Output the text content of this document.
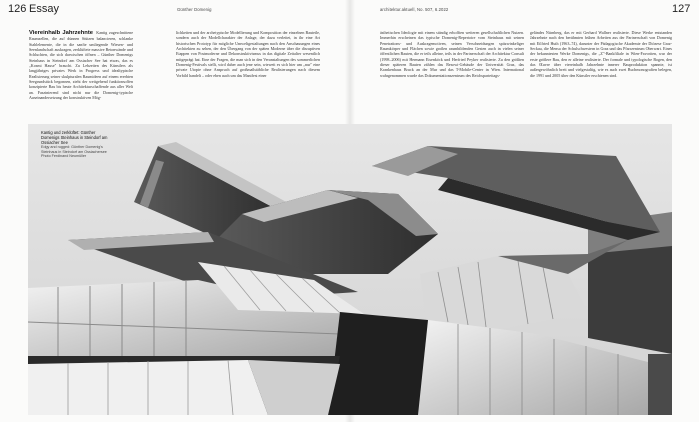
126 Essay	Günther Domenig	architektur.aktuell, No. 507, 6.2022	127

Viereinhalb Jahrzehnte Kantig zugeschnittene Raumzellen, die auf dünnen Stützen balancieren, schlanke Stahlelemente, die in die sanfte umliegende Wiesen- und Seenlandschaft auskragen, zerklüftete massive Betonwände und Schluchten, die sich darwischen öffnen – Günther Domenigs Steinhaus in Steindorf am Ossiacher See hat etwas, das es „Kosmi Hause" braucht. Zu Lebzeiten des Künstlers als langjähriges privates Werk in Progress und idealtypische Realisierung seiner skulpturalen Raumideen auf einem ererbten Seegrundstück begonnen, zieht der weitgehend funktionsoffen konzipierte Bau bis heute Architekturschaffende aus aller Welt an. Faszinierend sind nicht nur die Domenig-typische Auseinandersetzung der konstruktiven Mög-

lichkeiten und der archetypische Modellierung und Komposition der einzelnen Bauteile, sondern auch der Modellcharakter der Anlage, der dazu verleitet, in ihr eine Art historischen Prototyp für mögliche Umweltgestaltungen nach den Anschauungen eines Architekten zu sehen, der den Übergang von der späten Moderne über die disruptiven Etappen von Postmoderne und Dekonstruktivismus in das digitale Zeitalter wesentlich mitgeprägt hat. Eine der Fragen, die man sich in den Veranstaltungen des sommerlichen Domenig-Festivals stellt, wird daher auch jene sein, wieweit es sich hier um „nur" eine private Utopie ohne Anspruch auf großmaßstäbliche Realisierungen nach diesem Vorbild handelt – oder eben auch um das Manifest einer

ästhetischen Ideologie mit einem ständig erhofften weiteren gesellschaftlichen Nutzen. Immerhin erscheinen das typische Domenig-Repertoire vom Steinhaus mit seinen Penetrations- und Auskragemotiven, seinen Verschneidungen spitzwinkeliger Raumkörper und Flächen sowie großen raumbildenden Gesten auch in vielen seiner öffentlichen Bauten, die er teils alleine, teils in der Partnerschaft der Architektur Consult (1998–2006) mit Hermann Eisenköck und Herfried Peyker realisierte. Zu den größten dieser späteren Bauten zählen das Resowi-Gebäude der Universität Graz, das Krankenhaus Bruck an der Mur und das T-Mobile-Center in Wien. International wahrgenommen wurde das Dokumentationszentrum des Reichsparteitags-

geländes Nürnberg, das er mit Gerhard Wallner realisierte. Diese Werke entstanden Jahrzehnte nach den berühmten frühen Arbeiten aus der Partnerschaft von Domenig mit Eilfried Huth (1963–74), darunter der Pädagogische Akademie der Diözese Graz-Seckau, die Mensa der Schulschwestern in Graz und das Pfarrzentrum Oberwart. Eines der bekanntesten Werke Domenigs, die „Z"-Bankfiliale in Wien-Favoriten, war der erste größere Bau, den er alleine realisierte. Der formale und typologische Bogen, den das Œuvre über viereinhalb Jahrzehnte innerer Bauproduktion spannte, ist außergewöhnlich breit und vielgestaltig, wie es auch zwei Buchmonografien belegen, die 1991 und 2005 über den Künstler erschienen sind.

Kantig und zerklüftet: Günther Domenigs Steinhaus in Steindorf am Ossiacher See
Edgy and rugged: Günther Domenig's Steinhaus in Steindorf am Ossiachersee
Photo Ferdinand Neumüller
